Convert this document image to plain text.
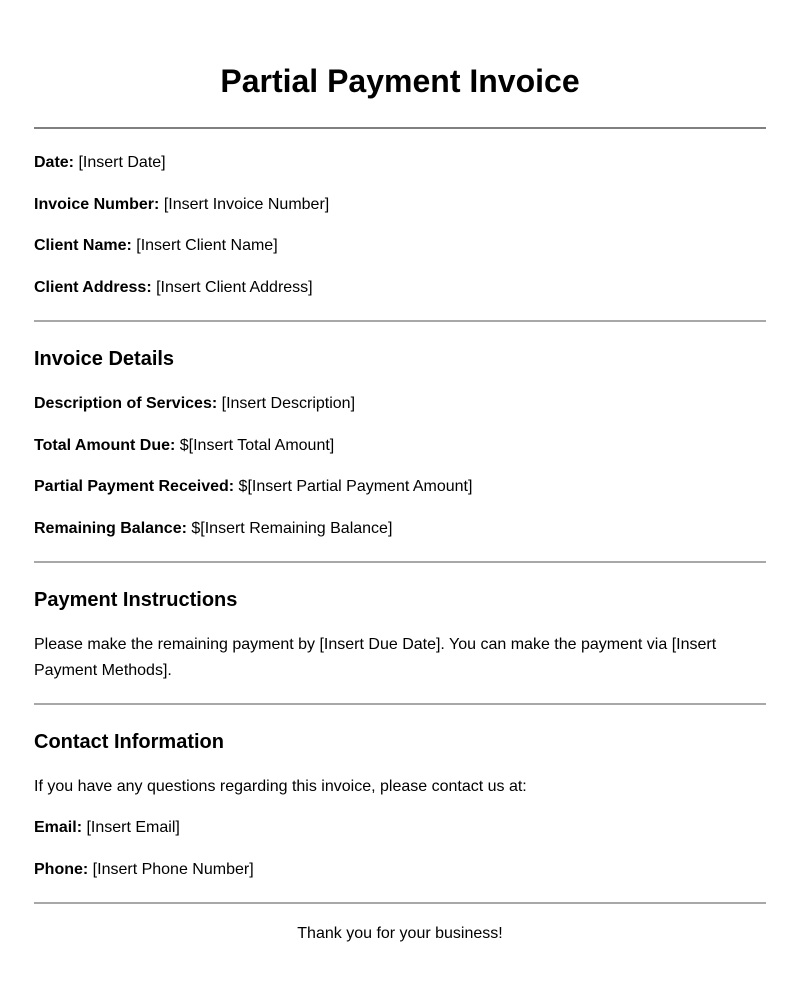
Partial Payment Invoice

Date: [Insert Date]

Invoice Number: [Insert Invoice Number]

Client Name: [Insert Client Name]

Client Address: [Insert Client Address]

Invoice Details

Description of Services: [Insert Description]

Total Amount Due: $[Insert Total Amount]

Partial Payment Received: $[Insert Partial Payment Amount]

Remaining Balance: $[Insert Remaining Balance]

Payment Instructions

Please make the remaining payment by [Insert Due Date]. You can make the payment via [Insert Payment Methods].

Contact Information

If you have any questions regarding this invoice, please contact us at:

Email: [Insert Email]

Phone: [Insert Phone Number]

Thank you for your business!
